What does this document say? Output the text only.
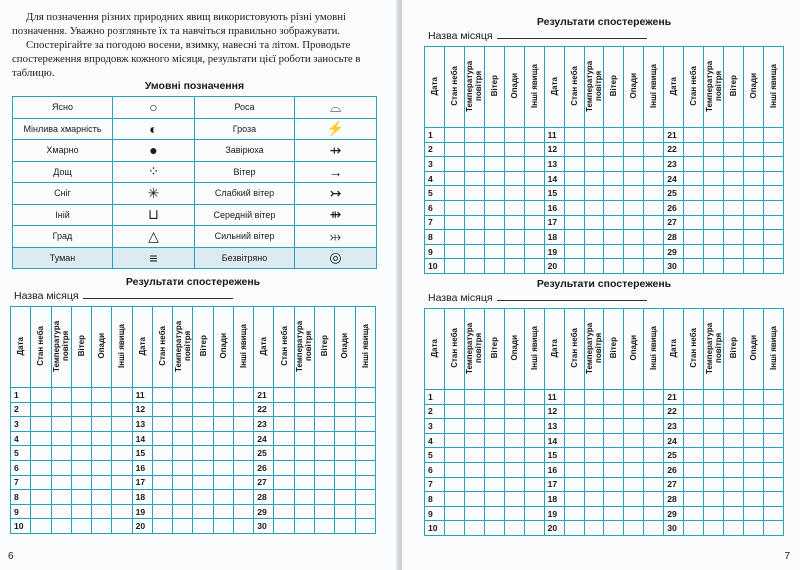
Для позначення різних природних явищ використовують різні умовні позначення. Уважно розгляньте їх та навчіться правильно зображувати.

Спостерігайте за погодою восени, взимку, навесні та літом. Проводьте спостереження впродовж кожного місяця, результати цієї роботи заносьте в таблицю.

Умовні позначення
Ясно	○	Роса	⌓
Мінлива хмарність	◐	Гроза	⚡
Хмарно	●	Завірюха	⇸
Дощ	⁘	Вітер	→
Сніг	✳	Слабкий вітер	↣
Іній	⊔	Середній вітер	⇻
Град	△	Сильний вітер	⤔
Туман	≡	Безвітряно	◎
Результати спостережень
Назва місяця
Дата	Стан неба	Температура повітря	Вітер	Опади	Інші явища	Дата	Стан неба	Температура повітря	Вітер	Опади	Інші явища	Дата	Стан неба	Температура повітря	Вітер	Опади	Інші явища
1						11						21					
2						12						22					
3						13						23					
4						14						24					
5						15						25					
6						16						26					
7						17						27					
8						18						28					
9						19						29					
10						20						30					
6
Результати спостережень
Назва місяця
Дата	Стан неба	Температура повітря	Вітер	Опади	Інші явища	Дата	Стан неба	Температура повітря	Вітер	Опади	Інші явища	Дата	Стан неба	Температура повітря	Вітер	Опади	Інші явища
1						11						21					
2						12						22					
3						13						23					
4						14						24					
5						15						25					
6						16						26					
7						17						27					
8						18						28					
9						19						29					
10						20						30					
Результати спостережень
Назва місяця
Дата	Стан неба	Температура повітря	Вітер	Опади	Інші явища	Дата	Стан неба	Температура повітря	Вітер	Опади	Інші явища	Дата	Стан неба	Температура повітря	Вітер	Опади	Інші явища
1						11						21					
2						12						22					
3						13						23					
4						14						24					
5						15						25					
6						16						26					
7						17						27					
8						18						28					
9						19						29					
10						20						30					
7
